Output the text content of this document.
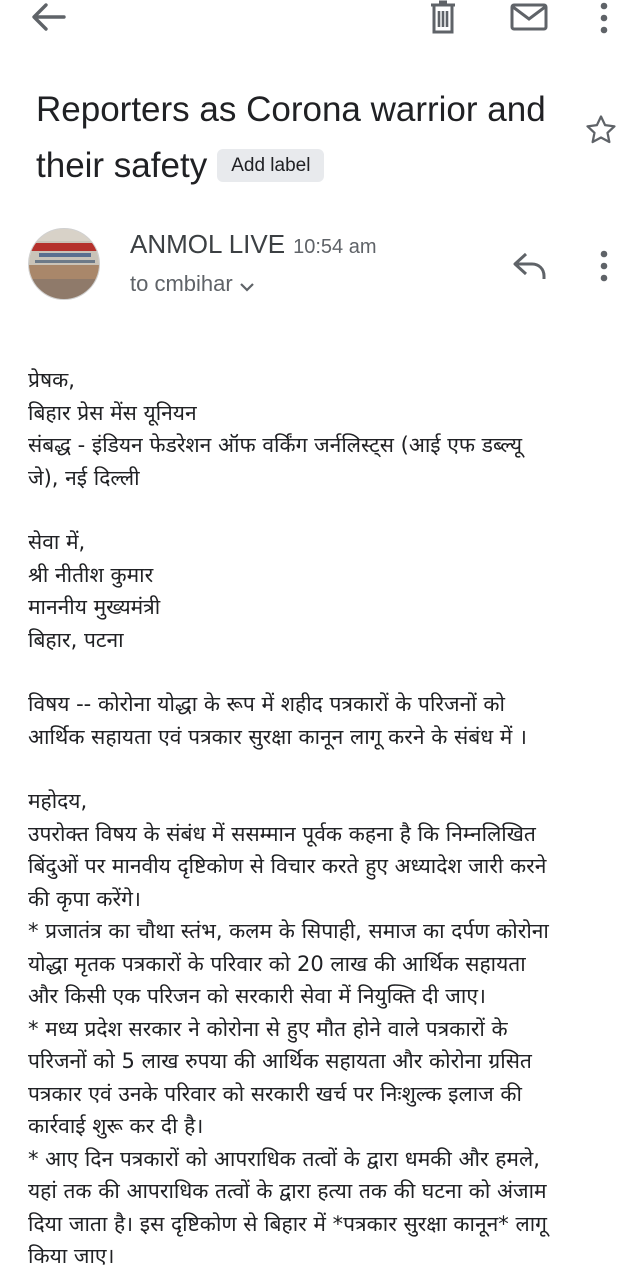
Reporters as Corona warrior and their safety Add label
ANMOL LIVE 10:54 am
to cmbihar

प्रेषक,
बिहार प्रेस मेंस यूनियन
संबद्ध - इंडियन फेडरेशन ऑफ वर्किंग जर्नलिस्ट्स (आई एफ डब्ल्यू
जे), नई दिल्ली

सेवा में,
श्री नीतीश कुमार
माननीय मुख्यमंत्री
बिहार, पटना

विषय -- कोरोना योद्धा के रूप में शहीद पत्रकारों के परिजनों को
आर्थिक सहायता एवं पत्रकार सुरक्षा कानून लागू करने के संबंध में ।

महोदय,
उपरोक्त विषय के संबंध में ससम्मान पूर्वक कहना है कि निम्नलिखित
बिंदुओं पर मानवीय दृष्टिकोण से विचार करते हुए अध्यादेश जारी करने
की कृपा करेंगे।
* प्रजातंत्र का चौथा स्तंभ, कलम के सिपाही, समाज का दर्पण कोरोना
योद्धा मृतक पत्रकारों के परिवार को 20 लाख की आर्थिक सहायता
और किसी एक परिजन को सरकारी सेवा में नियुक्ति दी जाए।
* मध्य प्रदेश सरकार ने कोरोना से हुए मौत होने वाले पत्रकारों के
परिजनों को 5 लाख रुपया की आर्थिक सहायता और कोरोना ग्रसित
पत्रकार एवं उनके परिवार को सरकारी खर्च पर निःशुल्क इलाज की
कार्रवाई शुरू कर दी है।
* आए दिन पत्रकारों को आपराधिक तत्वों के द्वारा धमकी और हमले,
यहां तक की आपराधिक तत्वों के द्वारा हत्या तक की घटना को अंजाम
दिया जाता है। इस दृष्टिकोण से बिहार में *पत्रकार सुरक्षा कानून* लागू
किया जाए।
